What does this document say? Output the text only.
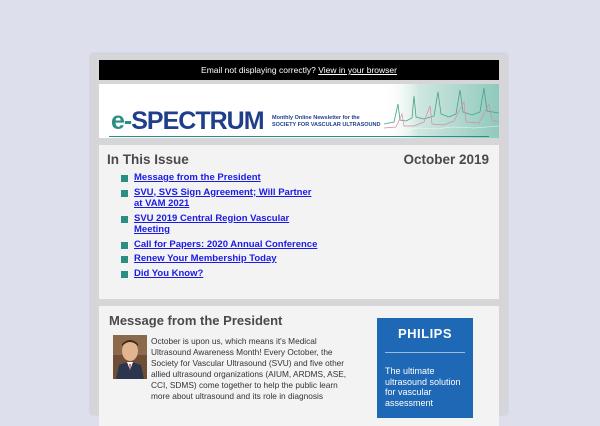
Email not displaying correctly? View in your browser
e-SPECTRUM Monthly Online Newsletter for the
SOCIETY FOR VASCULAR ULTRASOUND
In This Issue	October 2019
Message from the President
SVU, SVS Sign Agreement; Will Partner at VAM 2021
SVU 2019 Central Region Vascular Meeting
Call for Papers: 2020 Annual Conference
Renew Your Membership Today
Did You Know?
Message from the President
October is upon us, which means it's Medical Ultrasound Awareness Month! Every October, the Society for Vascular Ultrasound (SVU) and five other allied ultrasound organizations (AIUM, ARDMS, ASE, CCI, SDMS) come together to help the public learn more about ultrasound and its role in diagnosis
PHILIPS
The ultimate ultrasound solution for vascular assessment
